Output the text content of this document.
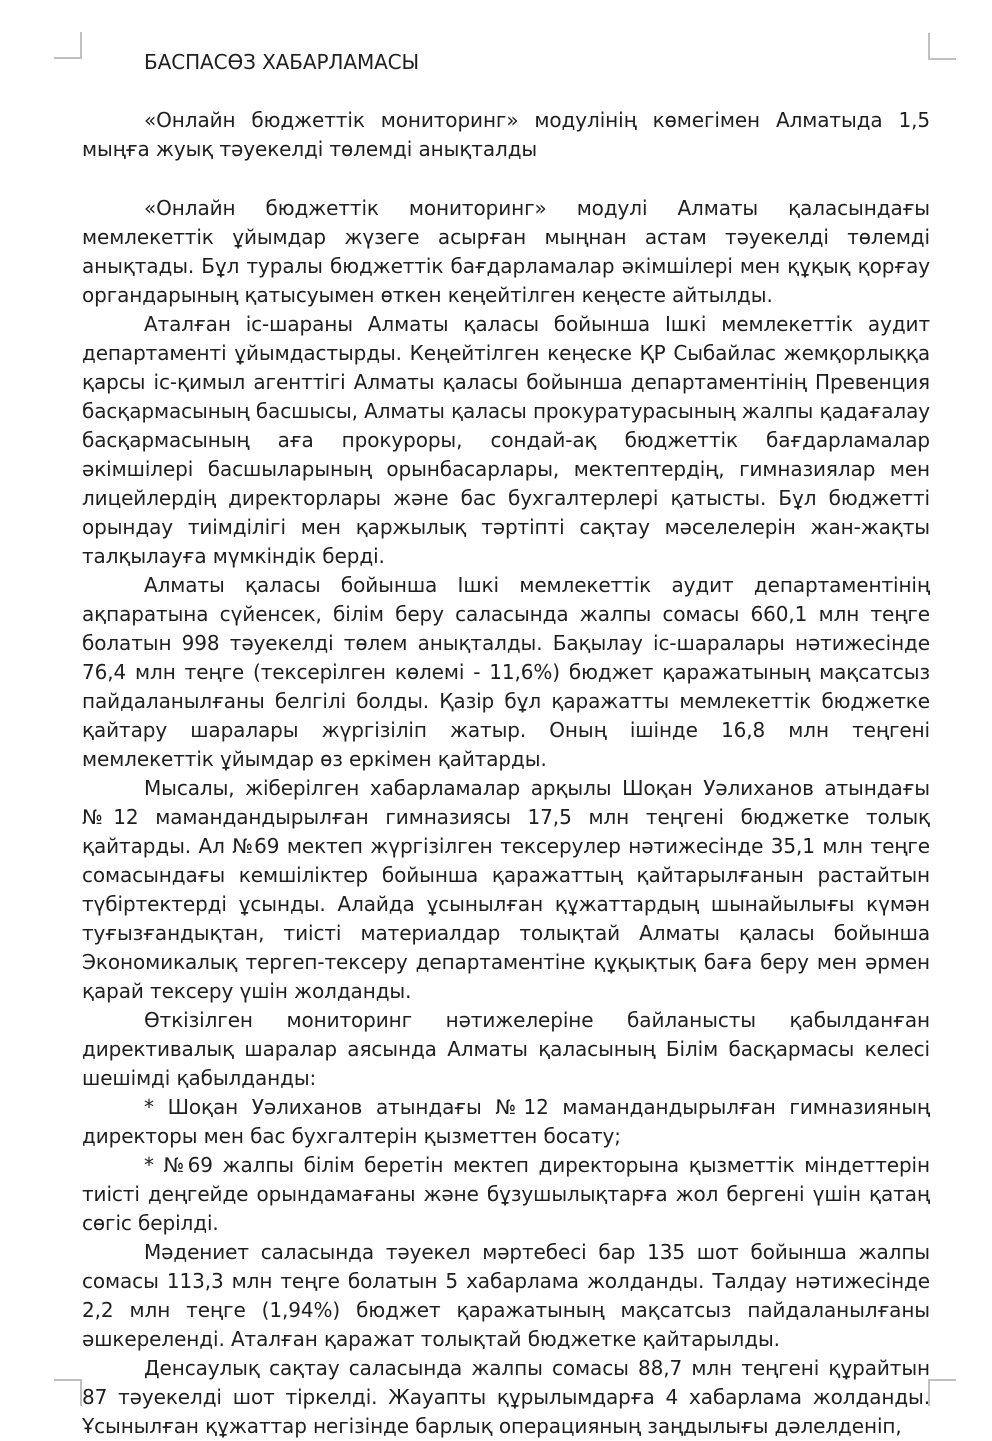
БАСПАСӨЗ ХАБАРЛАМАСЫ

«Онлайн бюджеттік мониторинг» модулінің көмегімен Алматыда 1,5 мыңға жуық тәуекелді төлемді анықталды

«Онлайн бюджеттік мониторинг» модулі Алматы қаласындағы мемлекеттік ұйымдар жүзеге асырған мыңнан астам тәуекелді төлемді анықтады. Бұл туралы бюджеттік бағдарламалар әкімшілері мен құқық қорғау органдарының қатысуымен өткен кеңейтілген кеңесте айтылды.

Аталған іс-шараны Алматы қаласы бойынша Ішкі мемлекеттік аудит департаменті ұйымдастырды. Кеңейтілген кеңеске ҚР Сыбайлас жемқорлыққа қарсы іс-қимыл агенттігі Алматы қаласы бойынша департаментінің Превенция басқармасының басшысы, Алматы қаласы прокуратурасының жалпы қадағалау басқармасының аға прокуроры, сондай-ақ бюджеттік бағдарламалар әкімшілері басшыларының орынбасарлары, мектептердің, гимназиялар мен лицейлердің директорлары және бас бухгалтерлері қатысты. Бұл бюджетті орындау тиімділігі мен қаржылық тәртіпті сақтау мәселелерін жан-жақты талқылауға мүмкіндік берді.

Алматы қаласы бойынша Ішкі мемлекеттік аудит департаментінің ақпаратына сүйенсек, білім беру саласында жалпы сомасы 660,1 млн теңге болатын 998 тәуекелді төлем анықталды. Бақылау іс-шаралары нәтижесінде 76,4 млн теңге (тексерілген көлемі - 11,6%) бюджет қаражатының мақсатсыз пайдаланылғаны белгілі болды. Қазір бұл қаражатты мемлекеттік бюджетке қайтару шаралары жүргізіліп жатыр. Оның ішінде 16,8 млн теңгені мемлекеттік ұйымдар өз еркімен қайтарды.

Мысалы, жіберілген хабарламалар арқылы Шоқан Уәлиханов атындағы №12 мамандандырылған гимназиясы 17,5 млн теңгені бюджетке толық қайтарды. Ал №69 мектеп жүргізілген тексерулер нәтижесінде 35,1 млн теңге сомасындағы кемшіліктер бойынша қаражаттың қайтарылғанын растайтын түбіртектерді ұсынды. Алайда ұсынылған құжаттардың шынайылығы күмән туғызғандықтан, тиісті материалдар толықтай Алматы қаласы бойынша Экономикалық тергеп-тексеру департаментіне құқықтық баға беру мен әрмен қарай тексеру үшін жолданды.

Өткізілген мониторинг нәтижелеріне байланысты қабылданған директивалық шаралар аясында Алматы қаласының Білім басқармасы келесі шешімді қабылданды:

* Шоқан Уәлиханов атындағы №12 мамандандырылған гимназияның директоры мен бас бухгалтерін қызметтен босату;

* №69 жалпы білім беретін мектеп директорына қызметтік міндеттерін тиісті деңгейде орындамағаны және бұзушылықтарға жол бергені үшін қатаң сөгіс берілді.

Мәдениет саласында тәуекел мәртебесі бар 135 шот бойынша жалпы сомасы 113,3 млн теңге болатын 5 хабарлама жолданды. Талдау нәтижесінде 2,2 млн теңге (1,94%) бюджет қаражатының мақсатсыз пайдаланылғаны әшкереленді. Аталған қаражат толықтай бюджетке қайтарылды.

Денсаулық сақтау саласында жалпы сомасы 88,7 млн теңгені құрайтын 87 тәуекелді шот тіркелді. Жауапты құрылымдарға 4 хабарлама жолданды. Ұсынылған құжаттар негізінде барлық операцияның заңдылығы дәлелденіп,
